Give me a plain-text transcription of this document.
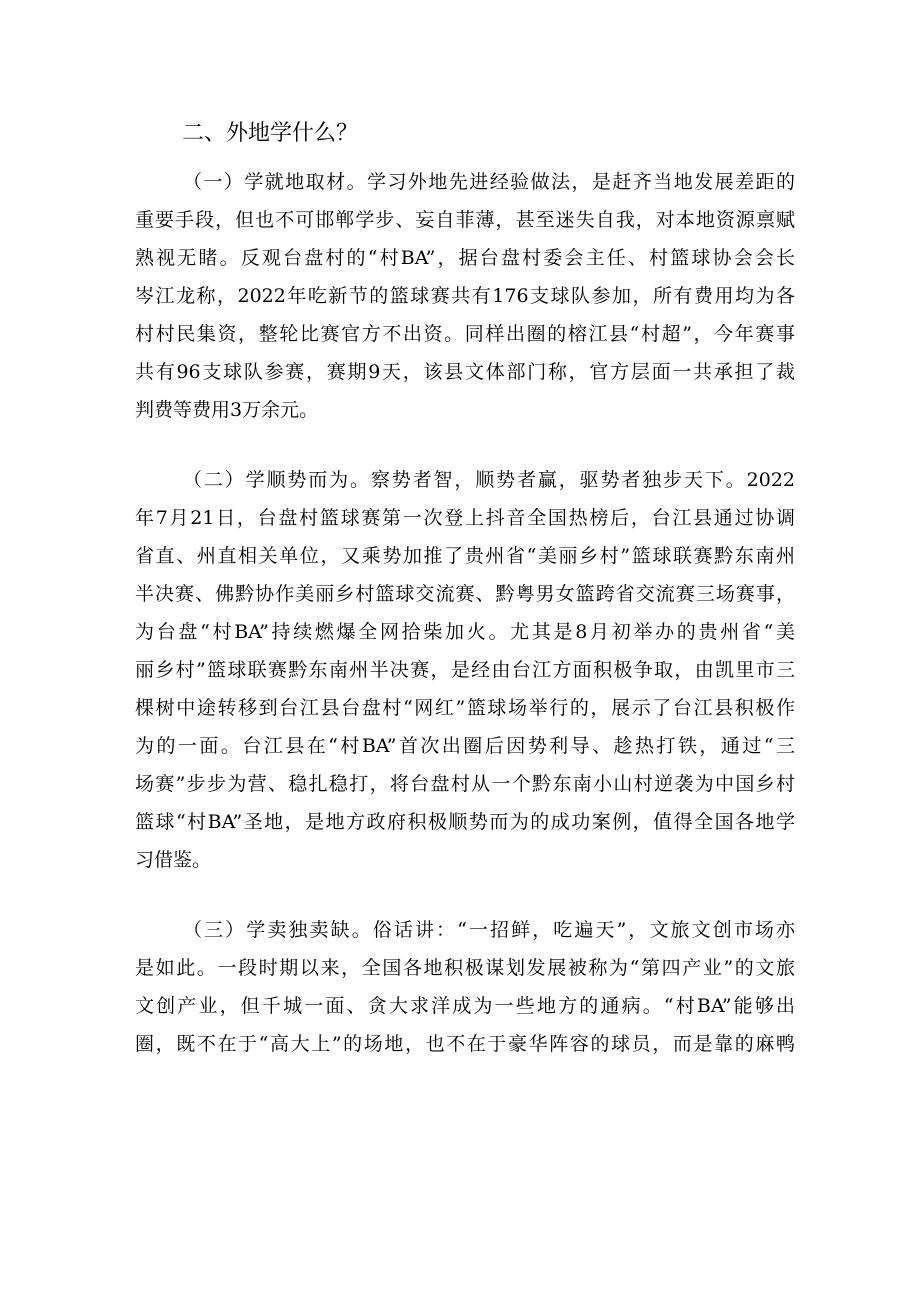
二、外地学什么？
（一）学就地取材。学习外地先进经验做法，是赶齐当地发展差距的
重要手段，但也不可邯郸学步、妄自菲薄，甚至迷失自我，对本地资源禀赋
熟视无睹。反观台盘村的“村BA”，据台盘村委会主任、村篮球协会会长
岑江龙称，2022年吃新节的篮球赛共有176支球队参加，所有费用均为各
村村民集资，整轮比赛官方不出资。同样出圈的榕江县“村超”，今年赛事
共有96支球队参赛，赛期9天，该县文体部门称，官方层面一共承担了裁
判费等费用3万余元。
（二）学顺势而为。察势者智，顺势者赢，驱势者独步天下。2022
年7月21日，台盘村篮球赛第一次登上抖音全国热榜后，台江县通过协调
省直、州直相关单位，又乘势加推了贵州省“美丽乡村”篮球联赛黔东南州
半决赛、佛黔协作美丽乡村篮球交流赛、黔粤男女篮跨省交流赛三场赛事，
为台盘“村BA”持续燃爆全网拾柴加火。尤其是8月初举办的贵州省“美
丽乡村”篮球联赛黔东南州半决赛，是经由台江方面积极争取，由凯里市三
棵树中途转移到台江县台盘村“网红”篮球场举行的，展示了台江县积极作
为的一面。台江县在“村BA”首次出圈后因势利导、趁热打铁，通过“三
场赛”步步为营、稳扎稳打，将台盘村从一个黔东南小山村逆袭为中国乡村
篮球“村BA”圣地，是地方政府积极顺势而为的成功案例，值得全国各地学
习借鉴。
（三）学卖独卖缺。俗话讲：“一招鲜，吃遍天”，文旅文创市场亦
是如此。一段时期以来，全国各地积极谋划发展被称为“第四产业”的文旅
文创产业，但千城一面、贪大求洋成为一些地方的通病。“村BA”能够出
圈，既不在于“高大上”的场地，也不在于豪华阵容的球员，而是靠的麻鸭
